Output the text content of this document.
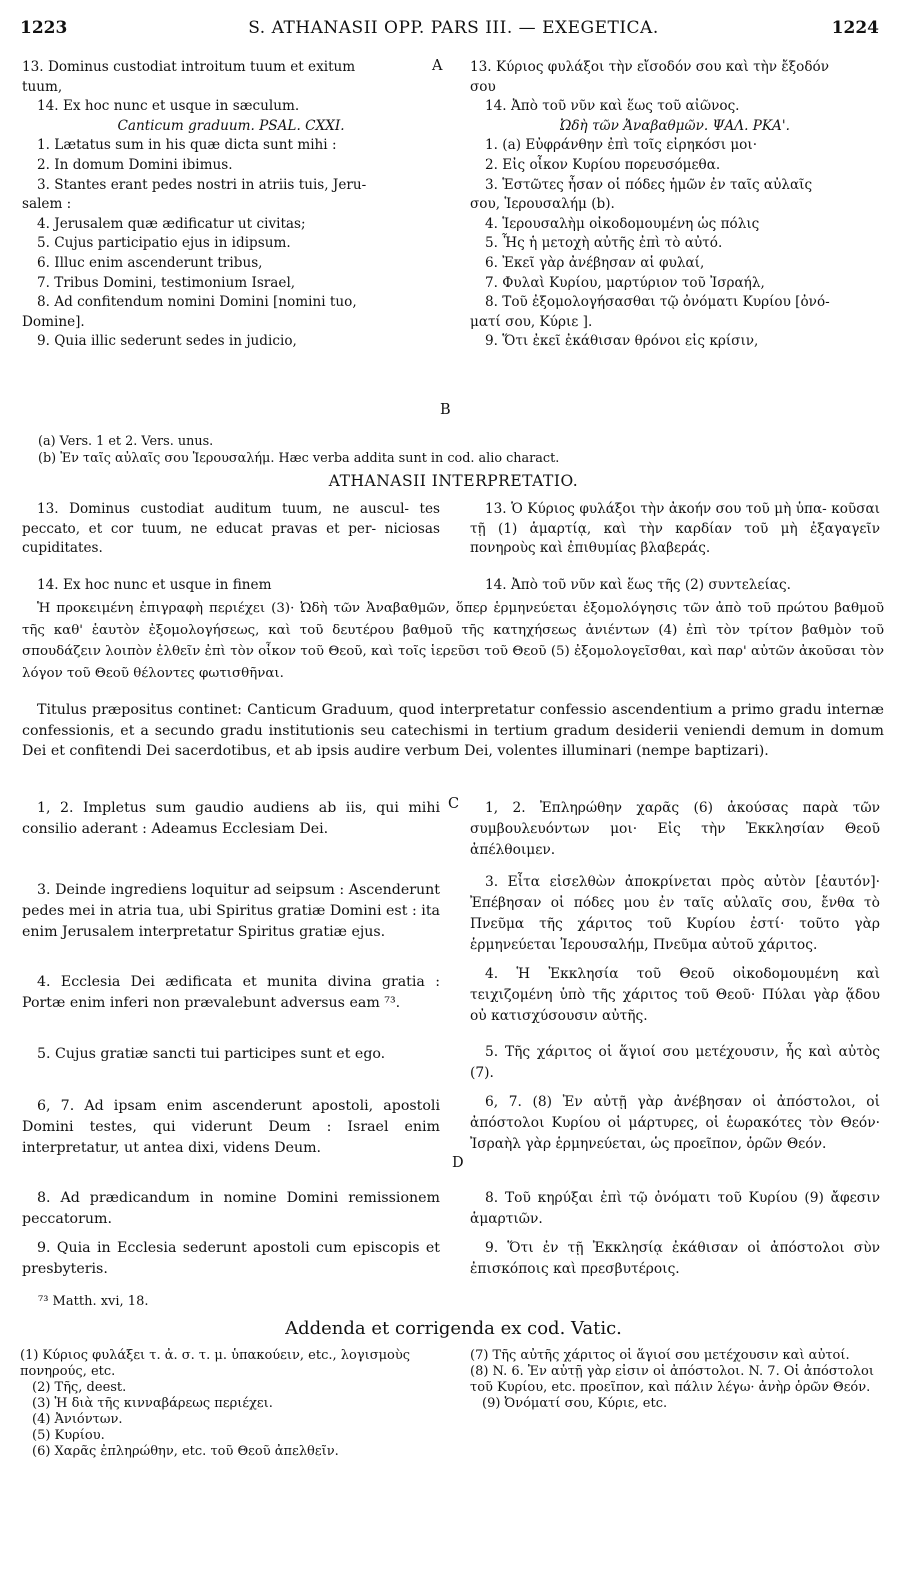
1223	S. ATHANASII OPP. PARS III. — EXEGETICA.	1224
A
B
C
D
13. Dominus custodiat introitum tuum et exitum
tuum,
14. Ex hoc nunc et usque in sæculum.
Canticum graduum. PSAL. CXXI.
1. Lætatus sum in his quæ dicta sunt mihi :
2. In domum Domini ibimus.
3. Stantes erant pedes nostri in atriis tuis, Jeru-
salem :
4. Jerusalem quæ ædificatur ut civitas;
5. Cujus participatio ejus in idipsum.
6. Illuc enim ascenderunt tribus,
7. Tribus Domini, testimonium Israel,
8. Ad confitendum nomini Domini [nomini tuo,
Domine].
9. Quia illic sederunt sedes in judicio,
13. Κύριος φυλάξοι τὴν εἴσοδόν σου καὶ τὴν ἔξοδόν
σου
14. Ἀπὸ τοῦ νῦν καὶ ἕως τοῦ αἰῶνος.
Ὠδὴ τῶν Ἀναβαθμῶν. ΨΑΛ. ΡΚΑ'.
1. (a) Εὐφράνθην ἐπὶ τοῖς εἰρηκόσι μοι·
2. Εἰς οἶκον Κυρίου πορευσόμεθα.
3. Ἑστῶτες ἦσαν οἱ πόδες ἡμῶν ἐν ταῖς αὐλαῖς
σου, Ἱερουσαλήμ (b).
4. Ἱερουσαλὴμ οἰκοδομουμένη ὡς πόλις
5. Ἧς ἡ μετοχὴ αὐτῆς ἐπὶ τὸ αὐτό.
6. Ἐκεῖ γὰρ ἀνέβησαν αἱ φυλαί,
7. Φυλαὶ Κυρίου, μαρτύριον τοῦ Ἰσραήλ,
8. Τοῦ ἐξομολογήσασθαι τῷ ὀνόματι Κυρίου [ὀνό-
ματί σου, Κύριε ].
9. Ὅτι ἐκεῖ ἐκάθισαν θρόνοι εἰς κρίσιν,
(a) Vers. 1 et 2. Vers. unus.
(b) Ἐν ταῖς αὐλαῖς σου Ἱερουσαλήμ. Hæc verba addita sunt in cod. alio charact.
ATHANASII INTERPRETATIO.
13. Dominus custodiat auditum tuum, ne auscul- tes peccato, et cor tuum, ne educat pravas et per- niciosas cupiditates.
14. Ex hoc nunc et usque in finem
13. Ὁ Κύριος φυλάξοι τὴν ἀκοήν σου τοῦ μὴ ὑπα- κοῦσαι τῇ (1) ἁμαρτίᾳ, καὶ τὴν καρδίαν τοῦ μὴ ἐξαγαγεῖν πονηροὺς καὶ ἐπιθυμίας βλαβεράς.
14. Ἀπὸ τοῦ νῦν καὶ ἕως τῆς (2) συντελείας.
Ἡ προκειμένη ἐπιγραφὴ περιέχει (3)· Ὠδὴ τῶν Ἀναβαθμῶν, ὅπερ ἑρμηνεύεται ἐξομολόγησις τῶν ἀπὸ τοῦ πρώτου βαθμοῦ τῆς καθ' ἑαυτὸν ἐξομολογήσεως, καὶ τοῦ δευτέρου βαθμοῦ τῆς κατηχήσεως ἀνιέντων (4) ἐπὶ τὸν τρίτον βαθμὸν τοῦ σπουδάζειν λοιπὸν ἐλθεῖν ἐπὶ τὸν οἶκον τοῦ Θεοῦ, καὶ τοῖς ἱερεῦσι τοῦ Θεοῦ (5) ἐξομολογεῖσθαι, καὶ παρ' αὐτῶν ἀκοῦσαι τὸν λόγον τοῦ Θεοῦ θέλοντες φωτισθῆναι.
Titulus præpositus continet: Canticum Graduum, quod interpretatur confessio ascendentium a primo gradu internæ confessionis, et a secundo gradu institutionis seu catechismi in tertium gradum desiderii veniendi demum in domum Dei et confitendi Dei sacerdotibus, et ab ipsis audire verbum Dei, volentes illuminari (nempe baptizari).
1, 2. Impletus sum gaudio audiens ab iis, qui mihi consilio aderant : Adeamus Ecclesiam Dei.
3. Deinde ingrediens loquitur ad seipsum : Ascenderunt pedes mei in atria tua, ubi Spiritus gratiæ Domini est : ita enim Jerusalem interpretatur Spiritus gratiæ ejus.
4. Ecclesia Dei ædificata et munita divina gratia : Portæ enim inferi non prævalebunt adversus eam ⁷³.
5. Cujus gratiæ sancti tui participes sunt et ego.
6, 7. Ad ipsam enim ascenderunt apostoli, apostoli Domini testes, qui viderunt Deum : Israel enim interpretatur, ut antea dixi, videns Deum.
8. Ad prædicandum in nomine Domini remissionem peccatorum.
9. Quia in Ecclesia sederunt apostoli cum episcopis et presbyteris.
1, 2. Ἐπληρώθην χαρᾶς (6) ἀκούσας παρὰ τῶν συμβουλευόντων μοι· Εἰς τὴν Ἐκκλησίαν Θεοῦ ἀπέλθοιμεν.
3. Εἶτα εἰσελθὼν ἀποκρίνεται πρὸς αὐτὸν [ἑαυτόν]· Ἐπέβησαν οἱ πόδες μου ἐν ταῖς αὐλαῖς σου, ἔνθα τὸ Πνεῦμα τῆς χάριτος τοῦ Κυρίου ἐστί· τοῦτο γὰρ ἑρμηνεύεται Ἱερουσαλήμ, Πνεῦμα αὐτοῦ χάριτος.
4. Ἡ Ἐκκλησία τοῦ Θεοῦ οἰκοδομουμένη καὶ τειχιζομένη ὑπὸ τῆς χάριτος τοῦ Θεοῦ· Πύλαι γὰρ ᾅδου οὐ κατισχύσουσιν αὐτῆς.
5. Τῆς χάριτος οἱ ἅγιοί σου μετέχουσιν, ἧς καὶ αὐτὸς (7).
6, 7. (8) Ἐν αὐτῇ γὰρ ἀνέβησαν οἱ ἀπόστολοι, οἱ ἀπόστολοι Κυρίου οἱ μάρτυρες, οἱ ἑωρακότες τὸν Θεόν· Ἰσραὴλ γὰρ ἑρμηνεύεται, ὡς προεῖπον, ὁρῶν Θεόν.
8. Τοῦ κηρύξαι ἐπὶ τῷ ὀνόματι τοῦ Κυρίου (9) ἄφεσιν ἁμαρτιῶν.
9. Ὅτι ἐν τῇ Ἐκκλησίᾳ ἐκάθισαν οἱ ἀπόστολοι σὺν ἐπισκόποις καὶ πρεσβυτέροις.
⁷³ Matth. xvi, 18.
Addenda et corrigenda ex cod. Vatic.
(1) Κύριος φυλάξει τ. ἀ. σ. τ. μ. ὑπακούειν, etc., λογισμοὺς πονηρούς, etc.
(2) Τῆς, deest.
(3) Ἡ διὰ τῆς κινναβάρεως περιέχει.
(4) Ἀνιόντων.
(5) Κυρίου.
(6) Χαρᾶς ἐπληρώθην, etc. τοῦ Θεοῦ ἀπελθεῖν.
(7) Τῆς αὐτῆς χάριτος οἱ ἅγιοί σου μετέχουσιν καὶ αὐτοί.
(8) N. 6. Ἐν αὐτῇ γὰρ εἰσιν οἱ ἀπόστολοι. N. 7. Οἱ ἀπόστολοι τοῦ Κυρίου, etc. προεῖπον, καὶ πάλιν λέγω· ἀνὴρ ὁρῶν Θεόν.
(9) Ὀνόματί σου, Κύριε, etc.
